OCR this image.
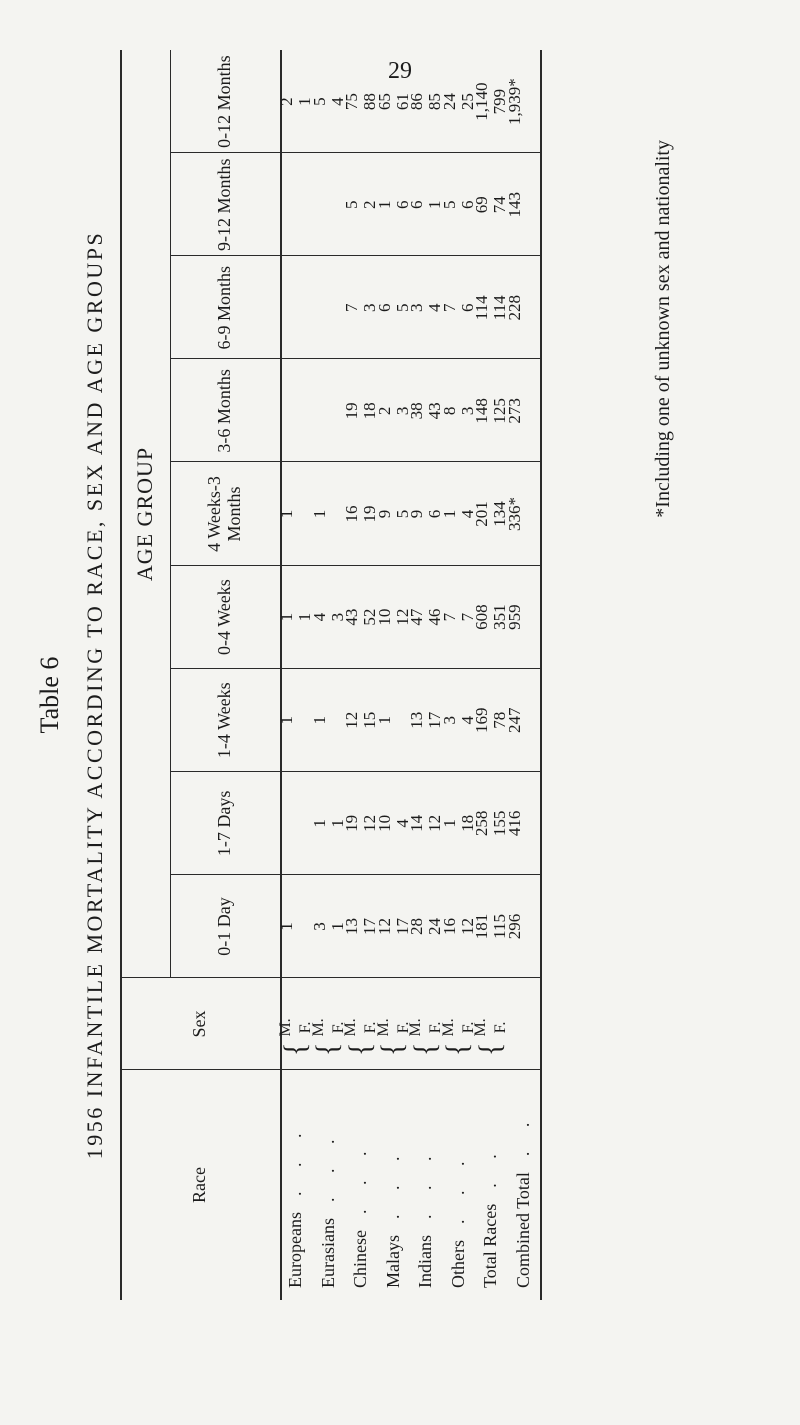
29
Table 6 1956 INFANTILE MORTALITY ACCORDING TO RACE, SEX AND AGE GROUPS	AGE GROUP
Race
Sex
0-1 Day
1-7 Days
1-4 Weeks
0-4 Weeks
4 Weeks-3 Months
3-6 Months
6-9 Months
9-12 Months
0-12 Months
Europeans
. . .
{
M. F.
1
1
1 1
1
2 1
Eurasians
. . .
{
M. F.
3 1
1 1
1
4 3
1
5 4
Chinese
. . .
{
M. F.
13 17
19 12
12 15
43 52
16 19
19 18
7 3
5 2
75 88
Malays
. . .
{
M. F.
12 17
10 4
1
10 12
9 5
2 3
6 5
1 6
65 61
Indians
. . .
{
M. F.
28 24
14 12
13 17
47 46
9 6
38 43
3 4
6 1
86 85
Others
. . .
{
M. F.
16 12
1 18
3 4
7 7
1 4
8 3
7 6
5 6
24 25
Total Races
. .
{
M. F.
181 115
258 155
169 78
608 351
201 134
148 125
114 114
69 74
1,140 799
Combined Total
. .
296
416
247
959
336*
273
228
143
1,939*
*Including one of unknown sex and nationality
